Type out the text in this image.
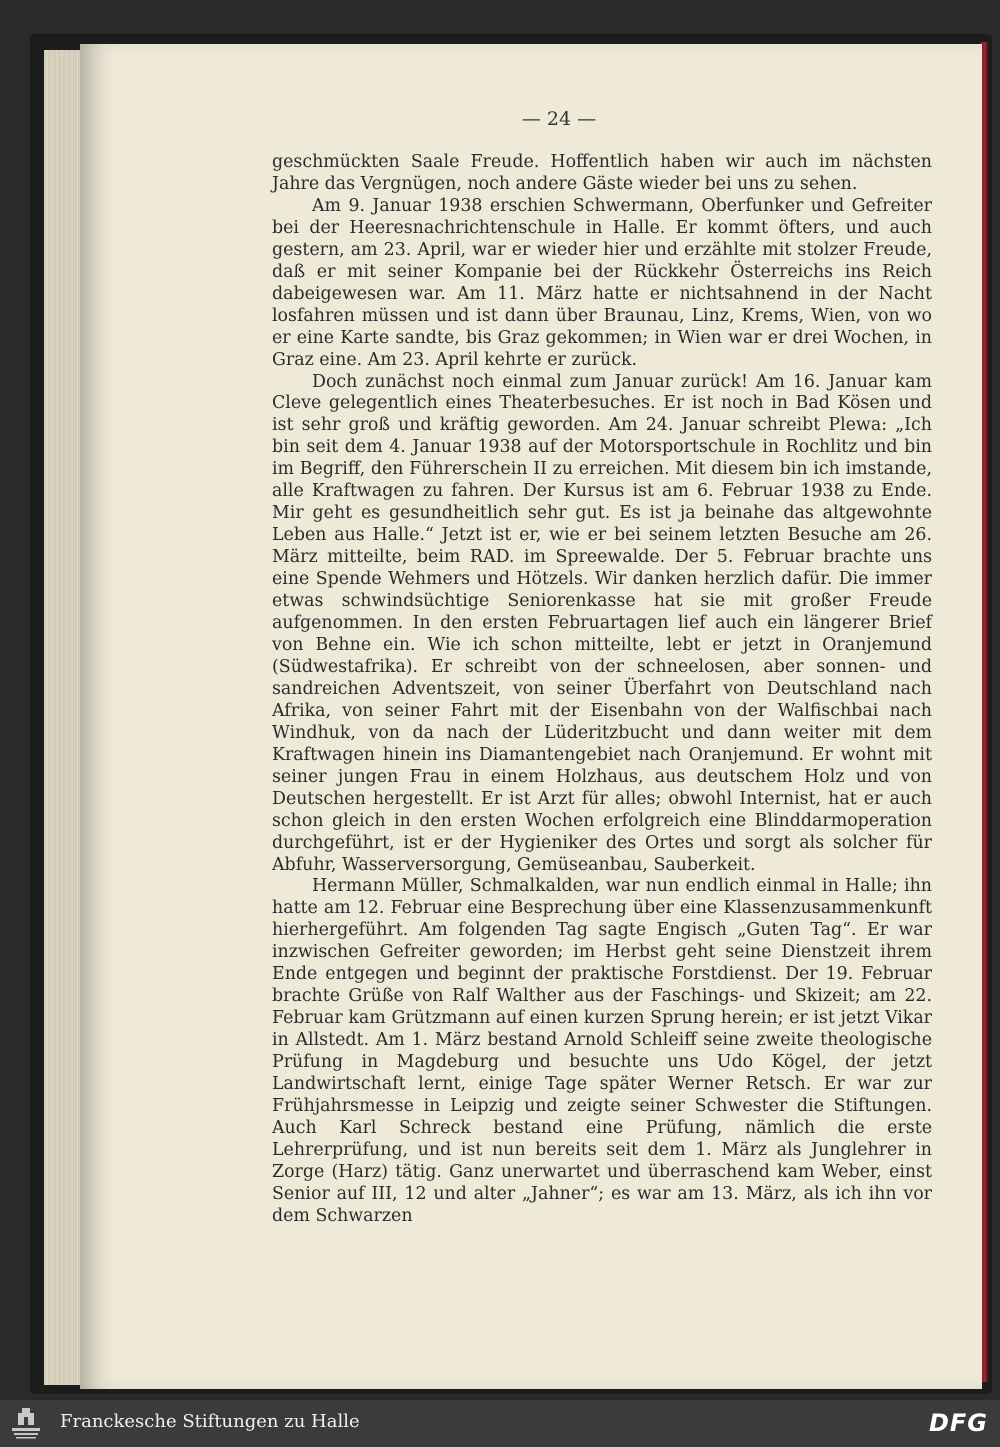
— 24 —

geschmückten Saale Freude. Hoffentlich haben wir auch im nächsten Jahre das Vergnügen, noch andere Gäste wieder bei uns zu sehen.

Am 9. Januar 1938 erschien Schwermann, Oberfunker und Gefreiter bei der Heeresnachrichtenschule in Halle. Er kommt öfters, und auch gestern, am 23. April, war er wieder hier und erzählte mit stolzer Freude, daß er mit seiner Kompanie bei der Rückkehr Österreichs ins Reich dabeigewesen war. Am 11. März hatte er nichtsahnend in der Nacht losfahren müssen und ist dann über Braunau, Linz, Krems, Wien, von wo er eine Karte sandte, bis Graz gekommen; in Wien war er drei Wochen, in Graz eine. Am 23. April kehrte er zurück.

Doch zunächst noch einmal zum Januar zurück! Am 16. Januar kam Cleve gelegentlich eines Theaterbesuches. Er ist noch in Bad Kösen und ist sehr groß und kräftig geworden. Am 24. Januar schreibt Plewa: „Ich bin seit dem 4. Januar 1938 auf der Motorsportschule in Rochlitz und bin im Begriff, den Führerschein II zu erreichen. Mit diesem bin ich imstande, alle Kraftwagen zu fahren. Der Kursus ist am 6. Februar 1938 zu Ende. Mir geht es gesundheitlich sehr gut. Es ist ja beinahe das altgewohnte Leben aus Halle.“ Jetzt ist er, wie er bei seinem letzten Besuche am 26. März mitteilte, beim RAD. im Spreewalde. Der 5. Februar brachte uns eine Spende Wehmers und Hötzels. Wir danken herzlich dafür. Die immer etwas schwindsüchtige Seniorenkasse hat sie mit großer Freude aufgenommen. In den ersten Februartagen lief auch ein längerer Brief von Behne ein. Wie ich schon mitteilte, lebt er jetzt in Oranjemund (Südwestafrika). Er schreibt von der schneelosen, aber sonnen- und sandreichen Adventszeit, von seiner Überfahrt von Deutschland nach Afrika, von seiner Fahrt mit der Eisenbahn von der Walfischbai nach Windhuk, von da nach der Lüderitzbucht und dann weiter mit dem Kraftwagen hinein ins Diamantengebiet nach Oranjemund. Er wohnt mit seiner jungen Frau in einem Holzhaus, aus deutschem Holz und von Deutschen hergestellt. Er ist Arzt für alles; obwohl Internist, hat er auch schon gleich in den ersten Wochen erfolgreich eine Blinddarmoperation durchgeführt, ist er der Hygieniker des Ortes und sorgt als solcher für Abfuhr, Wasserversorgung, Gemüseanbau, Sauberkeit.

Hermann Müller, Schmalkalden, war nun endlich einmal in Halle; ihn hatte am 12. Februar eine Besprechung über eine Klassenzusammenkunft hierhergeführt. Am folgenden Tag sagte Engisch „Guten Tag“. Er war inzwischen Gefreiter geworden; im Herbst geht seine Dienstzeit ihrem Ende entgegen und beginnt der praktische Forstdienst. Der 19. Februar brachte Grüße von Ralf Walther aus der Faschings- und Skizeit; am 22. Februar kam Grützmann auf einen kurzen Sprung herein; er ist jetzt Vikar in Allstedt. Am 1. März bestand Arnold Schleiff seine zweite theologische Prüfung in Magdeburg und besuchte uns Udo Kögel, der jetzt Landwirtschaft lernt, einige Tage später Werner Retsch. Er war zur Frühjahrsmesse in Leipzig und zeigte seiner Schwester die Stiftungen. Auch Karl Schreck bestand eine Prüfung, nämlich die erste Lehrerprüfung, und ist nun bereits seit dem 1. März als Junglehrer in Zorge (Harz) tätig. Ganz unerwartet und überraschend kam Weber, einst Senior auf III, 12 und alter „Jahner“; es war am 13. März, als ich ihn vor dem Schwarzen

Franckesche Stiftungen zu Halle	DFG
